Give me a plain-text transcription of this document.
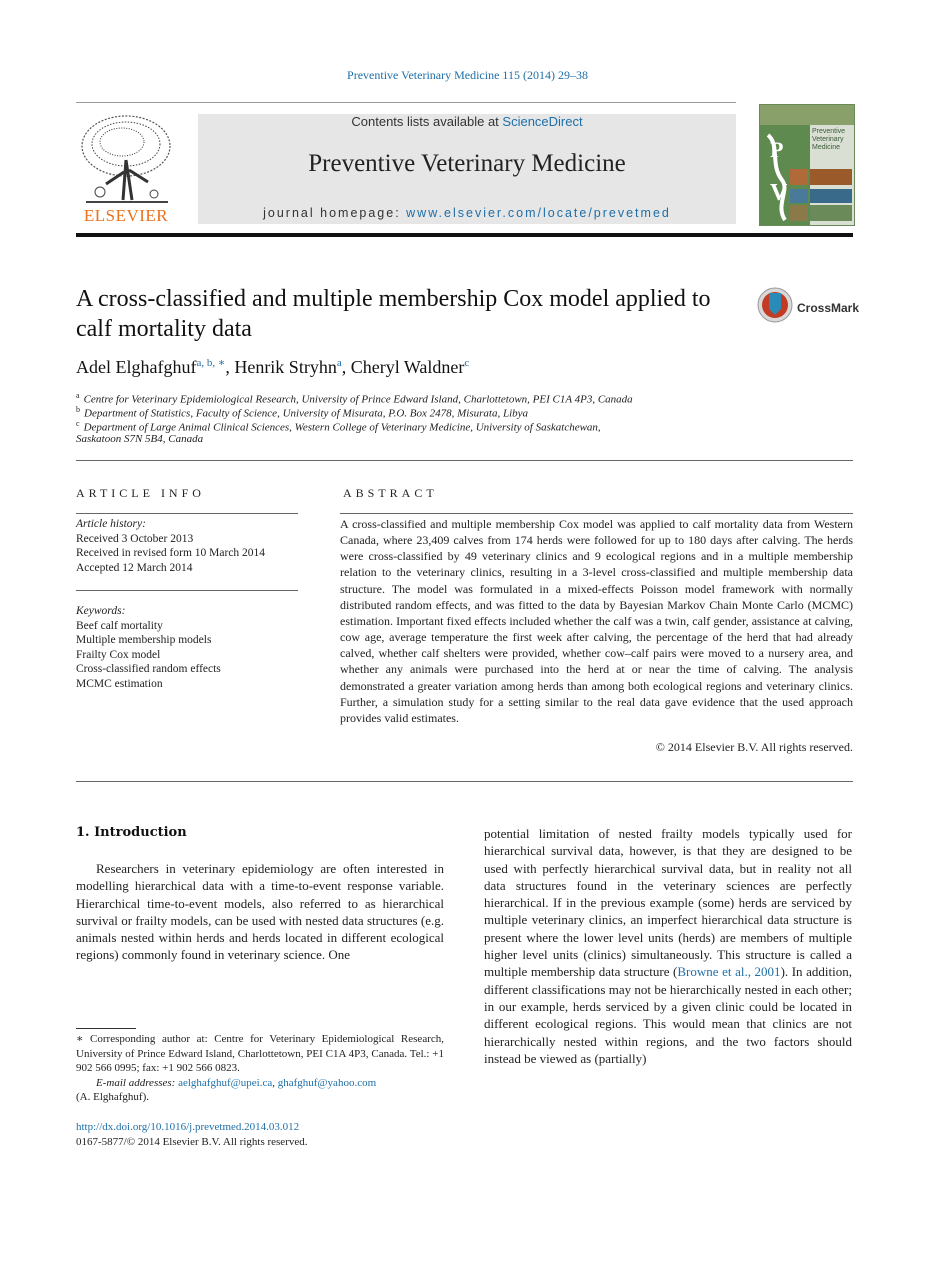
Preventive Veterinary Medicine 115 (2014) 29–38
ELSEVIER
Contents lists available at ScienceDirect
Preventive Veterinary Medicine
journal homepage: www.elsevier.com/locate/prevetmed
P
V
Preventive Veterinary Medicine
A cross-classified and multiple membership Cox model applied to calf mortality data
CrossMark
Adel Elghafghuf$^{a, b, ∗}$, Henrik Stryhn$^a$, Cheryl Waldner$^c$
$^a$ Centre for Veterinary Epidemiological Research, University of Prince Edward Island, Charlottetown, PEI C1A 4P3, Canada
$^b$ Department of Statistics, Faculty of Science, University of Misurata, P.O. Box 2478, Misurata, Libya
$^c$ Department of Large Animal Clinical Sciences, Western College of Veterinary Medicine, University of Saskatchewan,
Saskatoon S7N 5B4, Canada
ARTICLE INFO
Article history:
Received 3 October 2013
Received in revised form 10 March 2014
Accepted 12 March 2014
Keywords:
Beef calf mortality
Multiple membership models
Frailty Cox model
Cross-classified random effects
MCMC estimation
ABSTRACT
A cross-classified and multiple membership Cox model was applied to calf mortality data from Western Canada, where 23,409 calves from 174 herds were followed for up to 180 days after calving. The herds were cross-classified by 49 veterinary clinics and 9 ecological regions and in a multiple membership relation to the veterinary clinics, resulting in a 3-level cross-classified and multiple membership data structure. The model was formulated in a mixed-effects Poisson model framework with normally distributed random effects, and was fitted to the data by Bayesian Markov Chain Monte Carlo (MCMC) estimation. Important fixed effects included whether the calf was a twin, calf gender, assistance at calving, cow age, average temperature the first week after calving, the percentage of the herd that had already calved, whether calf shelters were provided, whether cow–calf pairs were moved to a nursery area, and whether any animals were purchased into the herd at or near the time of calving. The analysis demonstrated a greater variation among herds than among both ecological regions and veterinary clinics. Further, a simulation study for a setting similar to the real data gave evidence that the used approach provides valid estimates.
© 2014 Elsevier B.V. All rights reserved.
1. Introduction
Researchers in veterinary epidemiology are often interested in modelling hierarchical data with a time-to-event response variable. Hierarchical time-to-event models, also referred to as hierarchical survival or frailty models, can be used with nested data structures (e.g. animals nested within herds and herds located in different ecological regions) commonly found in veterinary science. One
potential limitation of nested frailty models typically used for hierarchical survival data, however, is that they are designed to be used with perfectly hierarchical survival data, but in reality not all data structures found in the veterinary sciences are perfectly hierarchical. If in the previous example (some) herds are serviced by multiple veterinary clinics, an imperfect hierarchical data structure is present where the lower level units (herds) are members of multiple higher level units (clinics) simultaneously. This structure is called a multiple membership data structure (Browne et al., 2001). In addition, different classifications may not be hierarchically nested in each other; in our example, herds serviced by a given clinic could be located in different ecological regions. This would mean that clinics are not hierarchically nested within regions, and the two factors should instead be viewed as (partially)
∗ Corresponding author at: Centre for Veterinary Epidemiological Research, University of Prince Edward Island, Charlottetown, PEI C1A 4P3, Canada. Tel.: +1 902 566 0995; fax: +1 902 566 0823.
E-mail addresses: aelghafghuf@upei.ca, ghafghuf@yahoo.com
(A. Elghafghuf).
http://dx.doi.org/10.1016/j.prevetmed.2014.03.012
0167-5877/© 2014 Elsevier B.V. All rights reserved.
